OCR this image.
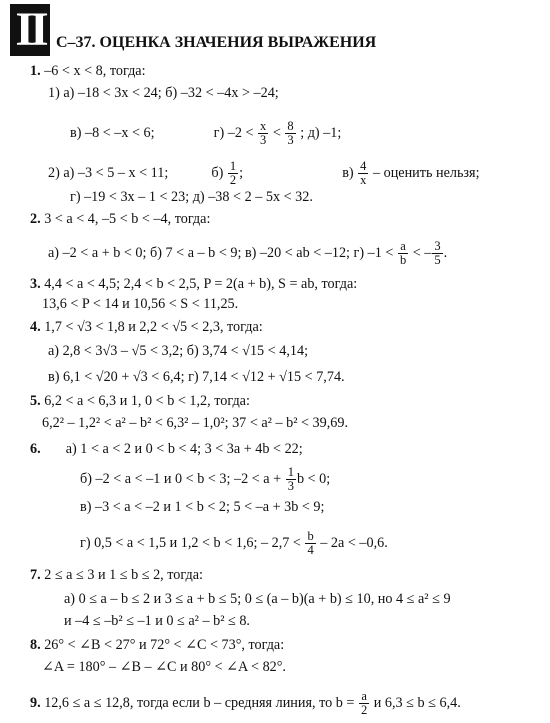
II С–37. ОЦЕНКА ЗНАЧЕНИЯ ВЫРАЖЕНИЯ
1. –6 < x < 8, тогда:
1) а) –18 < 3x < 24; б) –32 < –4x > –24;
в) –8 < –x < 6;	г) $-2 < \frac{x}{3} < \frac{8}{3}$ ; д) –1;
2) а) –3 < 5 – x < 11;	$б) \frac{1}{2}$ ;	$в) \frac{4}{x}$ – оценить нельзя;
г) –19 < 3x – 1 < 23; д) –38 < 2 – 5x < 32.
2. 3 < a < 4, –5 < b < –4, тогда:
а) –2 < a + b < 0; б) 7 < a – b < 9; в) –20 < ab < –12; г) $-1 < \frac{a}{b}$ < – $\frac{3}{5}$ .
3. 4,4 < a < 4,5; 2,4 < b < 2,5, P = 2(a + b), S = ab, тогда:
13,6 < P < 14 и 10,56 < S < 11,25.
4. 1,7 < √3 < 1,8 и 2,2 < √5 < 2,3, тогда:
а) 2,8 < 3√3 – √5 < 3,2; б) 3,74 < √15 < 4,14;
в) 6,1 < √20 + √3 < 6,4; г) 7,14 < √12 + √15 < 7,74.
5. 6,2 < a < 6,3 и 1, 0 < b < 1,2, тогда:
6,2² – 1,2² < a² – b² < 6,3² – 1,0²; 37 < a² – b² < 39,69.
6. а) 1 < a < 2 и 0 < b < 4; 3 < 3a + 4b < 22;
б) –2 < a < –1 и 0 < b < 3; $-2 < a + \frac{1}{3}$ b < 0;
в) –3 < a < –2 и 1 < b < 2; 5 < –a + 3b < 9;
г) 0,5 < a < 1,5 и 1,2 < b < 1,6; – $2,7 < \frac{b}{4} - 2a < -0,6$.
7. 2 ≤ a ≤ 3 и 1 ≤ b ≤ 2, тогда:
а) 0 ≤ a – b ≤ 2 и 3 ≤ a + b ≤ 5; 0 ≤ (a – b)(a + b) ≤ 10, но 4 ≤ a² ≤ 9
и –4 ≤ –b² ≤ –1 и 0 ≤ a² – b² ≤ 8.
8. 26° < ∠B < 27° и 72° < ∠C < 73°, тогда:
∠A = 180° – ∠B – ∠C и 80° < ∠A < 82°.
9. 12,6 ≤ a ≤ 12,8, тогда если b – средняя линия, то $b = \frac{a}{2}$ и 6,3 ≤ b ≤ 6,4.
